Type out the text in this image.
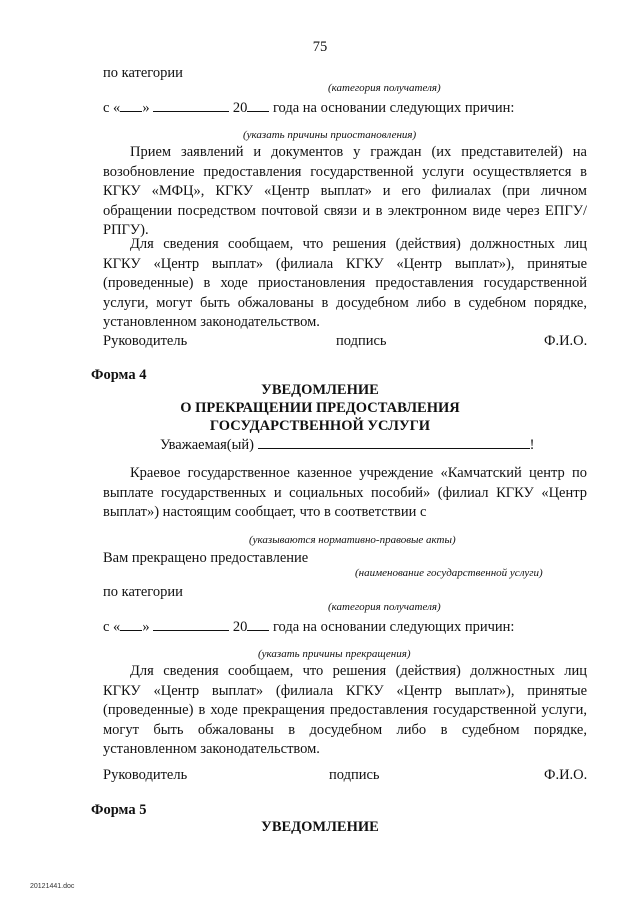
75
по категории
(категория получателя)
с « »	20 года на основании следующих причин:
(указать причины приостановления)

Прием заявлений и документов у граждан (их представителей) на возобновление предоставления государственной услуги осуществляется в КГКУ «МФЦ», КГКУ «Центр выплат» и его филиалах (при личном обращении посредством почтовой связи и в электронном виде через ЕПГУ/РПГУ).

Для сведения сообщаем, что решения (действия) должностных лиц КГКУ «Центр выплат» (филиала КГКУ «Центр выплат»), принятые (проведенные) в ходе приостановления предоставления государственной услуги, могут быть обжалованы в досудебном либо в судебном порядке, установленном законодательством.

Руководитель	подпись	Ф.И.О.
Форма 4
УВЕДОМЛЕНИЕ
О ПРЕКРАЩЕНИИ ПРЕДОСТАВЛЕНИЯ
ГОСУДАРСТВЕННОЙ УСЛУГИ
Уважаемая(ый)	!

Краевое государственное казенное учреждение «Камчатский центр по выплате государственных и социальных пособий» (филиал КГКУ «Центр выплат») настоящим сообщает, что в соответствии с

(указываются нормативно-правовые акты)
Вам прекращено предоставление
(наименование государственной услуги)
по категории
(категория получателя)
с « »	20 года на основании следующих причин:
(указать причины прекращения)

Для сведения сообщаем, что решения (действия) должностных лиц КГКУ «Центр выплат» (филиала КГКУ «Центр выплат»), принятые (проведенные) в ходе прекращения предоставления государственной услуги, могут быть обжалованы в досудебном либо в судебном порядке, установленном законодательством.

Руководитель	подпись	Ф.И.О.
Форма 5
УВЕДОМЛЕНИЕ
20121441.doc
